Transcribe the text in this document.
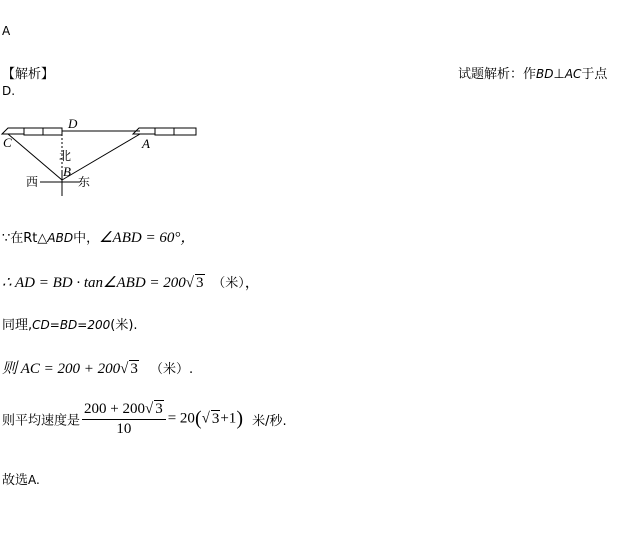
A
【解析】	试题解析：作BD⊥AC于点
D.
D
C	A
B
北
西	东
∵在Rt△ABD中，∠ABD = 60°，
∴ AD = BD · tan∠ABD = 200√ 3 （米），
同理,CD=BD=200(米).
则 AC = 200 + 200√ 3 （米）.
则平均速度是 $\frac{200 + 200√ 3}{10} = 20(√$ 3+1) 米/秒.
故选A.
